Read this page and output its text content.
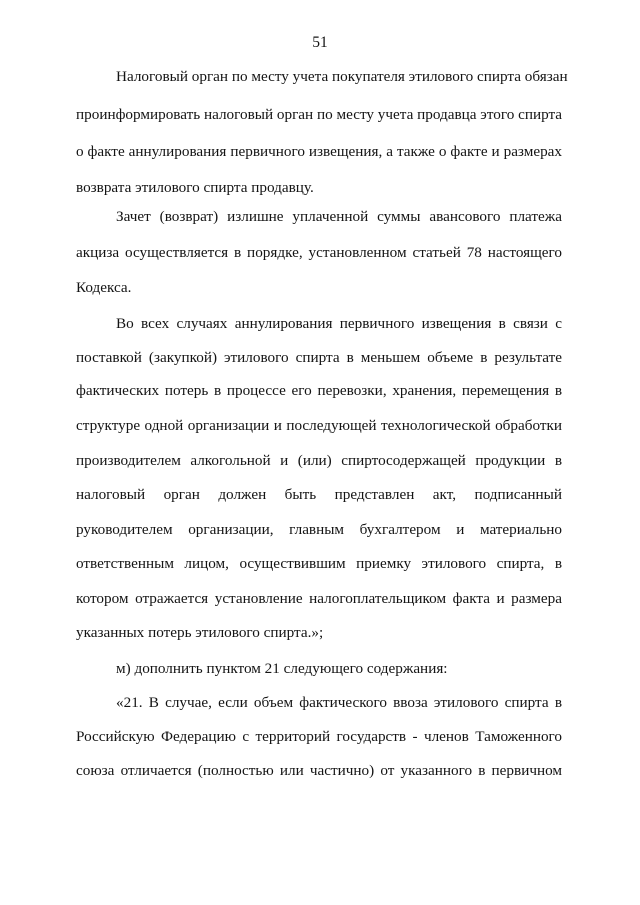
51
Налоговый орган по месту учета покупателя этилового спирта обязан
проинформировать налоговый орган по месту учета продавца этого спирта
о факте аннулирования первичного извещения, а также о факте и размерах
возврата этилового спирта продавцу.
Зачет (возврат) излишне уплаченной суммы авансового платежа
акциза осуществляется в порядке, установленном статьей 78 настоящего
Кодекса.
Во всех случаях аннулирования первичного извещения в связи с
поставкой (закупкой) этилового спирта в меньшем объеме в результате
фактических потерь в процессе его перевозки, хранения, перемещения в
структуре одной организации и последующей технологической обработки
производителем алкогольной и (или) спиртосодержащей продукции в
налоговый орган должен быть представлен акт, подписанный
руководителем организации, главным бухгалтером и материально
ответственным лицом, осуществившим приемку этилового спирта, в
котором отражается установление налогоплательщиком факта и размера
указанных потерь этилового спирта.»;
м) дополнить пунктом 21 следующего содержания:
«21. В случае, если объем фактического ввоза этилового спирта в
Российскую Федерацию с территорий государств - членов Таможенного
союза отличается (полностью или частично) от указанного в первичном
